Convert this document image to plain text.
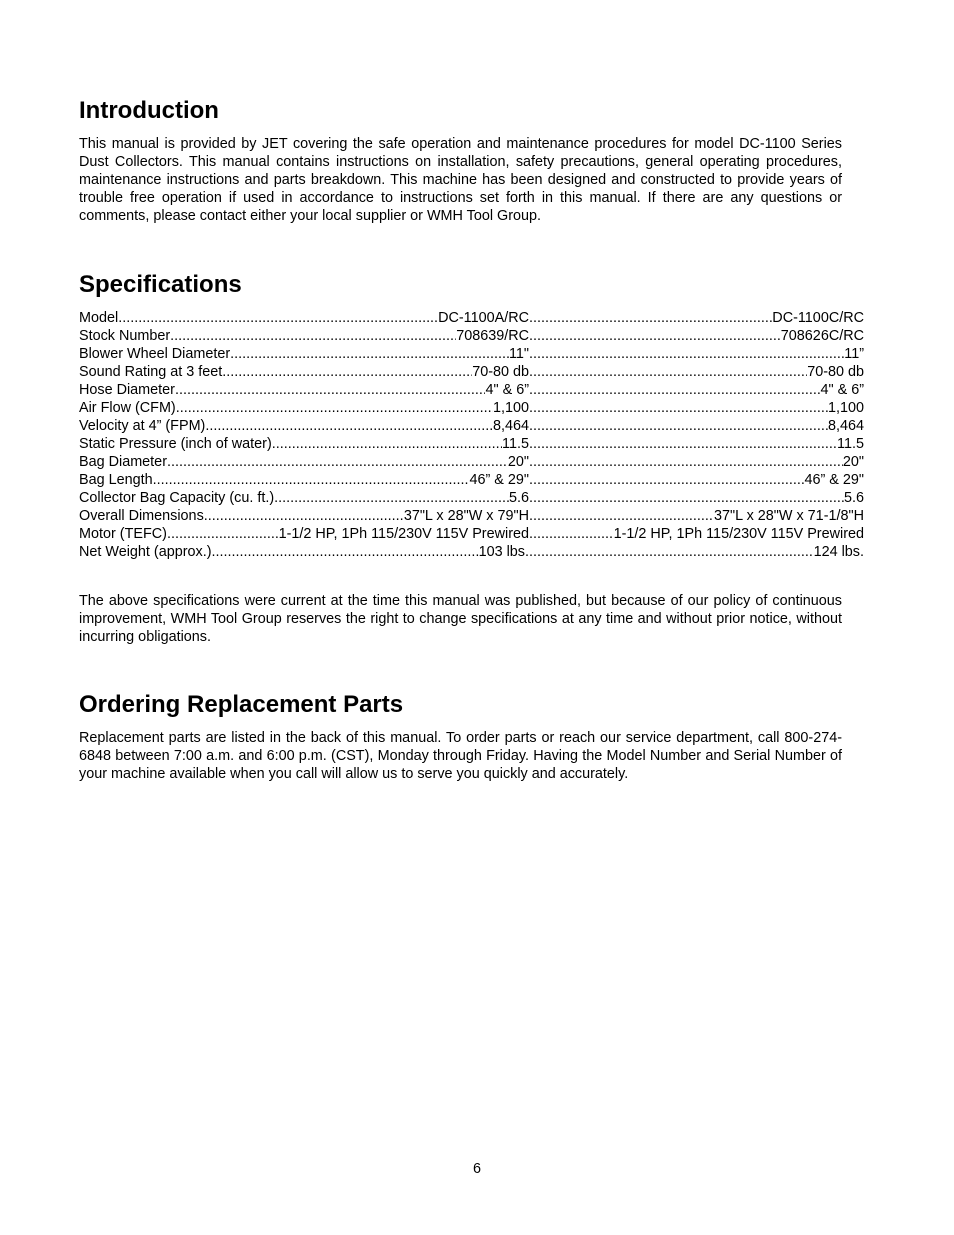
Introduction

This manual is provided by JET covering the safe operation and maintenance procedures for model DC-1100 Series Dust Collectors. This manual contains instructions on installation, safety precautions, general operating procedures, maintenance instructions and parts breakdown. This machine has been designed and constructed to provide years of trouble free operation if used in accordance to instructions set forth in this manual. If there are any questions or comments, please contact either your local supplier or WMH Tool Group.

Specifications
Model .....	DC-1100A/RC .....	DC-1100C/RC
Stock Number .....	708639/RC .....	708626C/RC
Blower Wheel Diameter .....	11" .....	11”
Sound Rating at 3 feet .....	70-80 db .....	70-80 db
Hose Diameter .....	4" & 6” .....	4" & 6”
Air Flow (CFM) .....	1,100 .....	1,100
Velocity at 4” (FPM) .....	8,464 .....	8,464
Static Pressure (inch of water) .....	11.5 .....	11.5
Bag Diameter .....	20" .....	20"
Bag Length .....	46” & 29" .....	46” & 29"
Collector Bag Capacity (cu. ft.) .....	5.6 .....	5.6
Overall Dimensions .....	37"L x 28"W x 79"H .....	37"L x 28"W x 71-1/8"H
Motor (TEFC) .....	1-1/2 HP, 1Ph 115/230V 115V Prewired .....	1-1/2 HP, 1Ph 115/230V 115V Prewired
Net Weight (approx.) .....	103 lbs. .....	124 lbs.

The above specifications were current at the time this manual was published, but because of our policy of continuous improvement, WMH Tool Group reserves the right to change specifications at any time and without prior notice, without incurring obligations.

Ordering Replacement Parts

Replacement parts are listed in the back of this manual. To order parts or reach our service department, call 800-274-6848 between 7:00 a.m. and 6:00 p.m. (CST), Monday through Friday. Having the Model Number and Serial Number of your machine available when you call will allow us to serve you quickly and accurately.

6
